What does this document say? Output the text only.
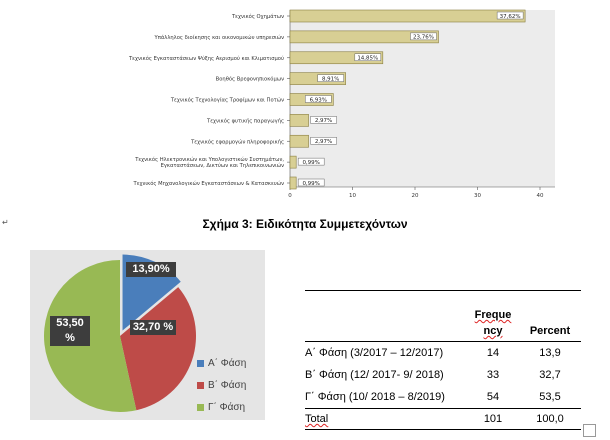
0	10	20	30	40
Τεχνικός Οχημάτων	37,62%
Υπάλληλος διοίκησης και οικονομικών υπηρεσιών	23,76%
Τεχνικός Εγκαταστάσεων Ψύξης Αερισμού και Κλιματισμού	14,85%
Βοηθός Βρεφονηπιοκόμων	8,91%
Τεχνικός Τεχνολογίας Τροφίμων και Ποτών	6,93%
Τεχνικός φυτικής παραγωγής	2,97%
Τεχνικός εφαρμογών πληροφορικής	2,97%
Τεχνικός Ηλεκτρονικών και Υπολογιστικών Συστημάτων, Εγκαταστάσεων, Δικτύων και Τηλεπικοινωνιών
0,99%
Τεχνικός Μηχανολογικών Εγκαταστάσεων & Κατασκευών	0,99%
↵	Σχήμα 3: Ειδικότητα Συμμετεχόντων
13,90%
32,70 %
53,50 %
Α΄ Φάση
Β΄ Φάση
Γ΄ Φάση
	Freque	
	ncy	Percent
Α΄ Φάση (3/2017 – 12/2017)	14	13,9
Β΄ Φάση (12/ 2017- 9/ 2018)	33	32,7
Γ΄ Φάση (10/ 2018 – 8/2019)	54	53,5
Total	101	100,0
